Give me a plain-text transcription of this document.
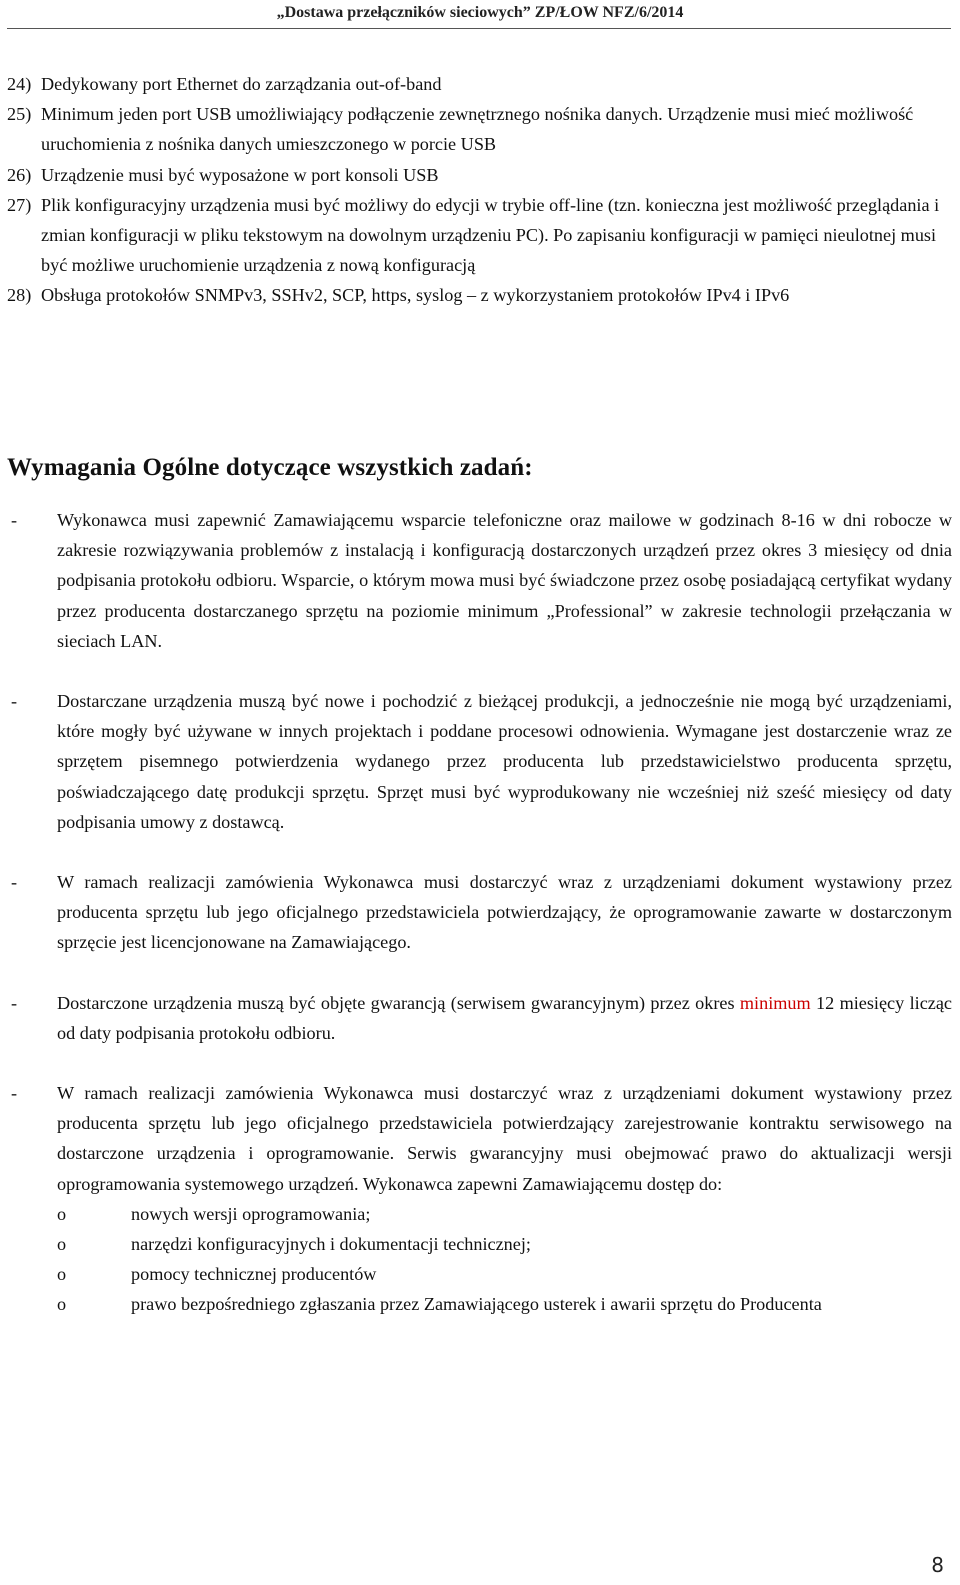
„Dostawa przełączników sieciowych” ZP/ŁOW NFZ/6/2014
24) Dedykowany port Ethernet do zarządzania out-of-band
25) Minimum jeden port USB umożliwiający podłączenie zewnętrznego nośnika danych. Urządzenie musi mieć możliwość uruchomienia z nośnika danych umieszczonego w porcie USB
26) Urządzenie musi być wyposażone w port konsoli USB
27) Plik konfiguracyjny urządzenia musi być możliwy do edycji w trybie off-line (tzn. konieczna jest możliwość przeglądania i zmian konfiguracji w pliku tekstowym na dowolnym urządzeniu PC). Po zapisaniu konfiguracji w pamięci nieulotnej musi być możliwe uruchomienie urządzenia z nową konfiguracją
28) Obsługa protokołów SNMPv3, SSHv2, SCP, https, syslog – z wykorzystaniem protokołów IPv4 i IPv6
Wymagania Ogólne dotyczące wszystkich zadań:
- Wykonawca musi zapewnić Zamawiającemu wsparcie telefoniczne oraz mailowe w godzinach 8-16 w dni robocze w zakresie rozwiązywania problemów z instalacją i konfiguracją dostarczonych urządzeń przez okres 3 miesięcy od dnia podpisania protokołu odbioru. Wsparcie, o którym mowa musi być świadczone przez osobę posiadającą certyfikat wydany przez producenta dostarczanego sprzętu na poziomie minimum „Professional” w zakresie technologii przełączania w sieciach LAN.
- Dostarczane urządzenia muszą być nowe i pochodzić z bieżącej produkcji, a jednocześnie nie mogą być urządzeniami, które mogły być używane w innych projektach i poddane procesowi odnowienia. Wymagane jest dostarczenie wraz ze sprzętem pisemnego potwierdzenia wydanego przez producenta lub przedstawicielstwo producenta sprzętu, poświadczającego datę produkcji sprzętu. Sprzęt musi być wyprodukowany nie wcześniej niż sześć miesięcy od daty podpisania umowy z dostawcą.
- W ramach realizacji zamówienia Wykonawca musi dostarczyć wraz z urządzeniami dokument wystawiony przez producenta sprzętu lub jego oficjalnego przedstawiciela potwierdzający, że oprogramowanie zawarte w dostarczonym sprzęcie jest licencjonowane na Zamawiającego.
- Dostarczone urządzenia muszą być objęte gwarancją (serwisem gwarancyjnym) przez okres minimum 12 miesięcy licząc od daty podpisania protokołu odbioru.
- W ramach realizacji zamówienia Wykonawca musi dostarczyć wraz z urządzeniami dokument wystawiony przez producenta sprzętu lub jego oficjalnego przedstawiciela potwierdzający zarejestrowanie kontraktu serwisowego na dostarczone urządzenia i oprogramowanie. Serwis gwarancyjny musi obejmować prawo do aktualizacji wersji oprogramowania systemowego urządzeń. Wykonawca zapewni Zamawiającemu dostęp do:
o	nowych wersji oprogramowania;
o	narzędzi konfiguracyjnych i dokumentacji technicznej;
o	pomocy technicznej producentów
o	prawo bezpośredniego zgłaszania przez Zamawiającego usterek i awarii sprzętu do Producenta
8
